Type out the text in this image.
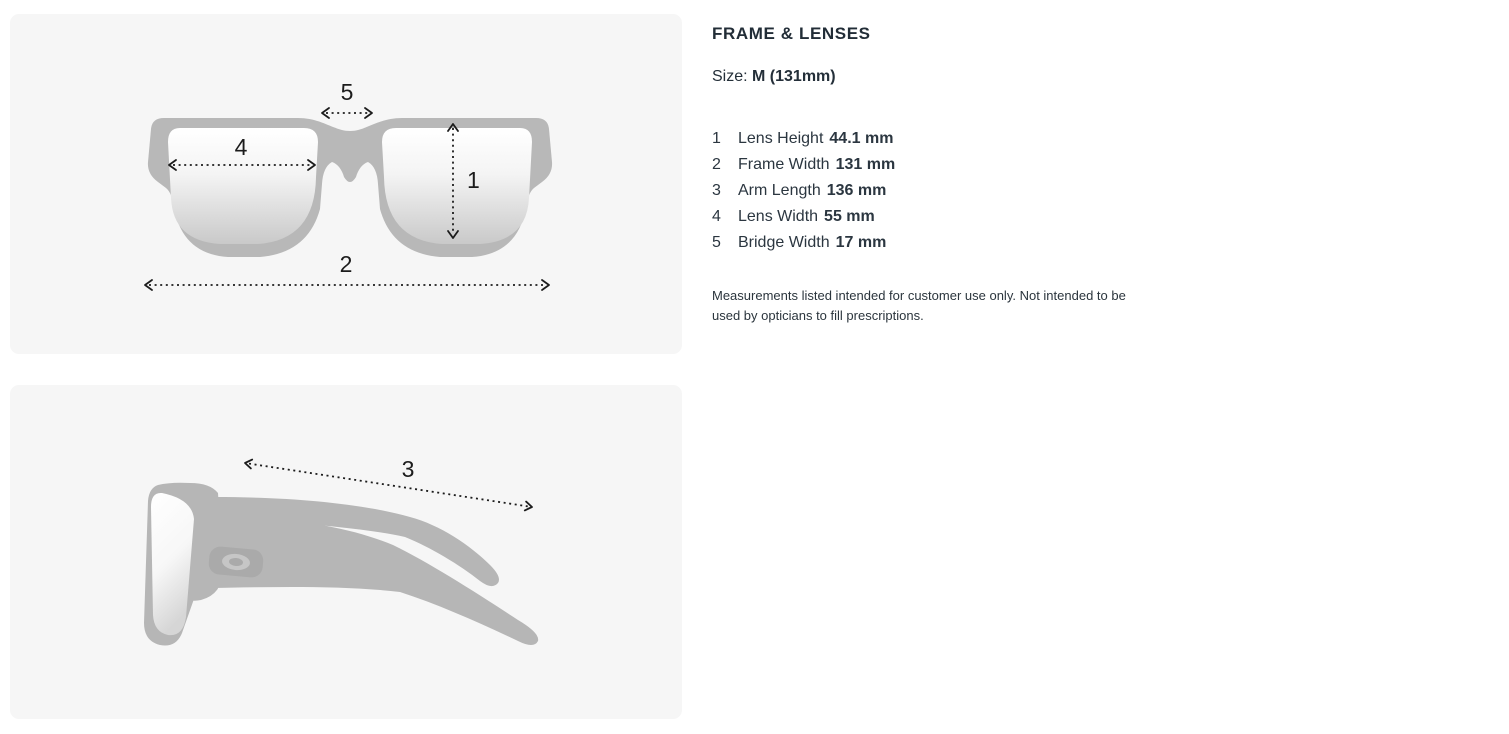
5
4
1
2
3
FRAME & LENSES
Size: M (131mm)
1	Lens Height 44.1 mm
2	Frame Width 131 mm
3	Arm Length 136 mm
4	Lens Width 55 mm
5	Bridge Width 17 mm
Measurements listed intended for customer use only. Not intended to be used by opticians to fill prescriptions.
